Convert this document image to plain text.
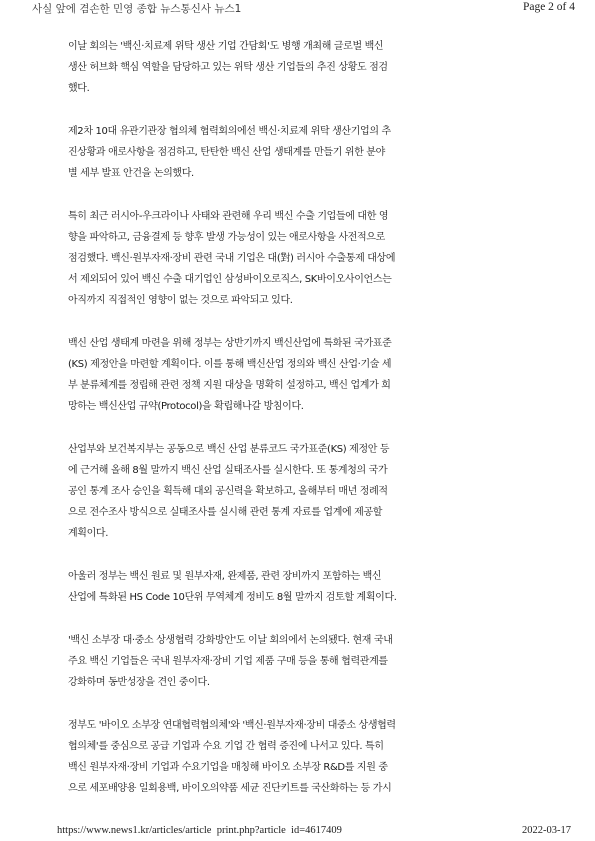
사실 앞에 겸손한 민영 종합 뉴스통신사 뉴스1	Page 2 of 4

이날 회의는 '백신·치료제 위탁 생산 기업 간담회'도 병행 개최해 글로벌 백신
생산 허브화 핵심 역할을 담당하고 있는 위탁 생산 기업들의 추진 상황도 점검
했다.

제2차 10대 유관기관장 협의체 협력회의에선 백신·치료제 위탁 생산기업의 추
진상황과 애로사항을 점검하고, 탄탄한 백신 산업 생태계를 만들기 위한 분야
별 세부 발표 안건을 논의했다.

특히 최근 러시아-우크라이나 사태와 관련해 우리 백신 수출 기업들에 대한 영
향을 파악하고, 금융결제 등 향후 발생 가능성이 있는 애로사항을 사전적으로
점검했다. 백신·원부자재·장비 관련 국내 기업은 대(對) 러시아 수출통제 대상에
서 제외되어 있어 백신 수출 대기업인 삼성바이오로직스, SK바이오사이언스는
아직까지 직접적인 영향이 없는 것으로 파악되고 있다.

백신 산업 생태계 마련을 위해 정부는 상반기까지 백신산업에 특화된 국가표준
(KS) 제정안을 마련할 계획이다. 이를 통해 백신산업 정의와 백신 산업·기술 세
부 분류체계를 정립해 관련 정책 지원 대상을 명확히 설정하고, 백신 업계가 희
망하는 백신산업 규약(Protocol)을 확립해나갈 방침이다.

산업부와 보건복지부는 공동으로 백신 산업 분류코드 국가표준(KS) 제정안 등
에 근거해 올해 8월 말까지 백신 산업 실태조사를 실시한다. 또 통계청의 국가
공인 통계 조사 승인을 획득해 대외 공신력을 확보하고, 올해부터 매년 정례적
으로 전수조사 방식으로 실태조사를 실시해 관련 통계 자료를 업계에 제공할
계획이다.

아울러 정부는 백신 원료 및 원부자재, 완제품, 관련 장비까지 포함하는 백신
산업에 특화된 HS Code 10단위 무역체계 정비도 8월 말까지 검토할 계획이다.

'백신 소부장 대·중소 상생협력 강화방안'도 이날 회의에서 논의됐다. 현재 국내
주요 백신 기업들은 국내 원부자재·장비 기업 제품 구매 등을 통해 협력관계를
강화하며 동반성장을 견인 중이다.

정부도 '바이오 소부장 연대협력협의체'와 '백신·원부자재·장비 대중소 상생협력
협의체'를 중심으로 공급 기업과 수요 기업 간 협력 증진에 나서고 있다. 특히
백신 원부자재·장비 기업과 수요기업을 매칭해 바이오 소부장 R&D를 지원 중
으로 세포배양용 일회용백, 바이오의약품 세균 진단키트를 국산화하는 등 가시

https://www.news1.kr/articles/article  print.php?article  id=4617409	2022-03-17
